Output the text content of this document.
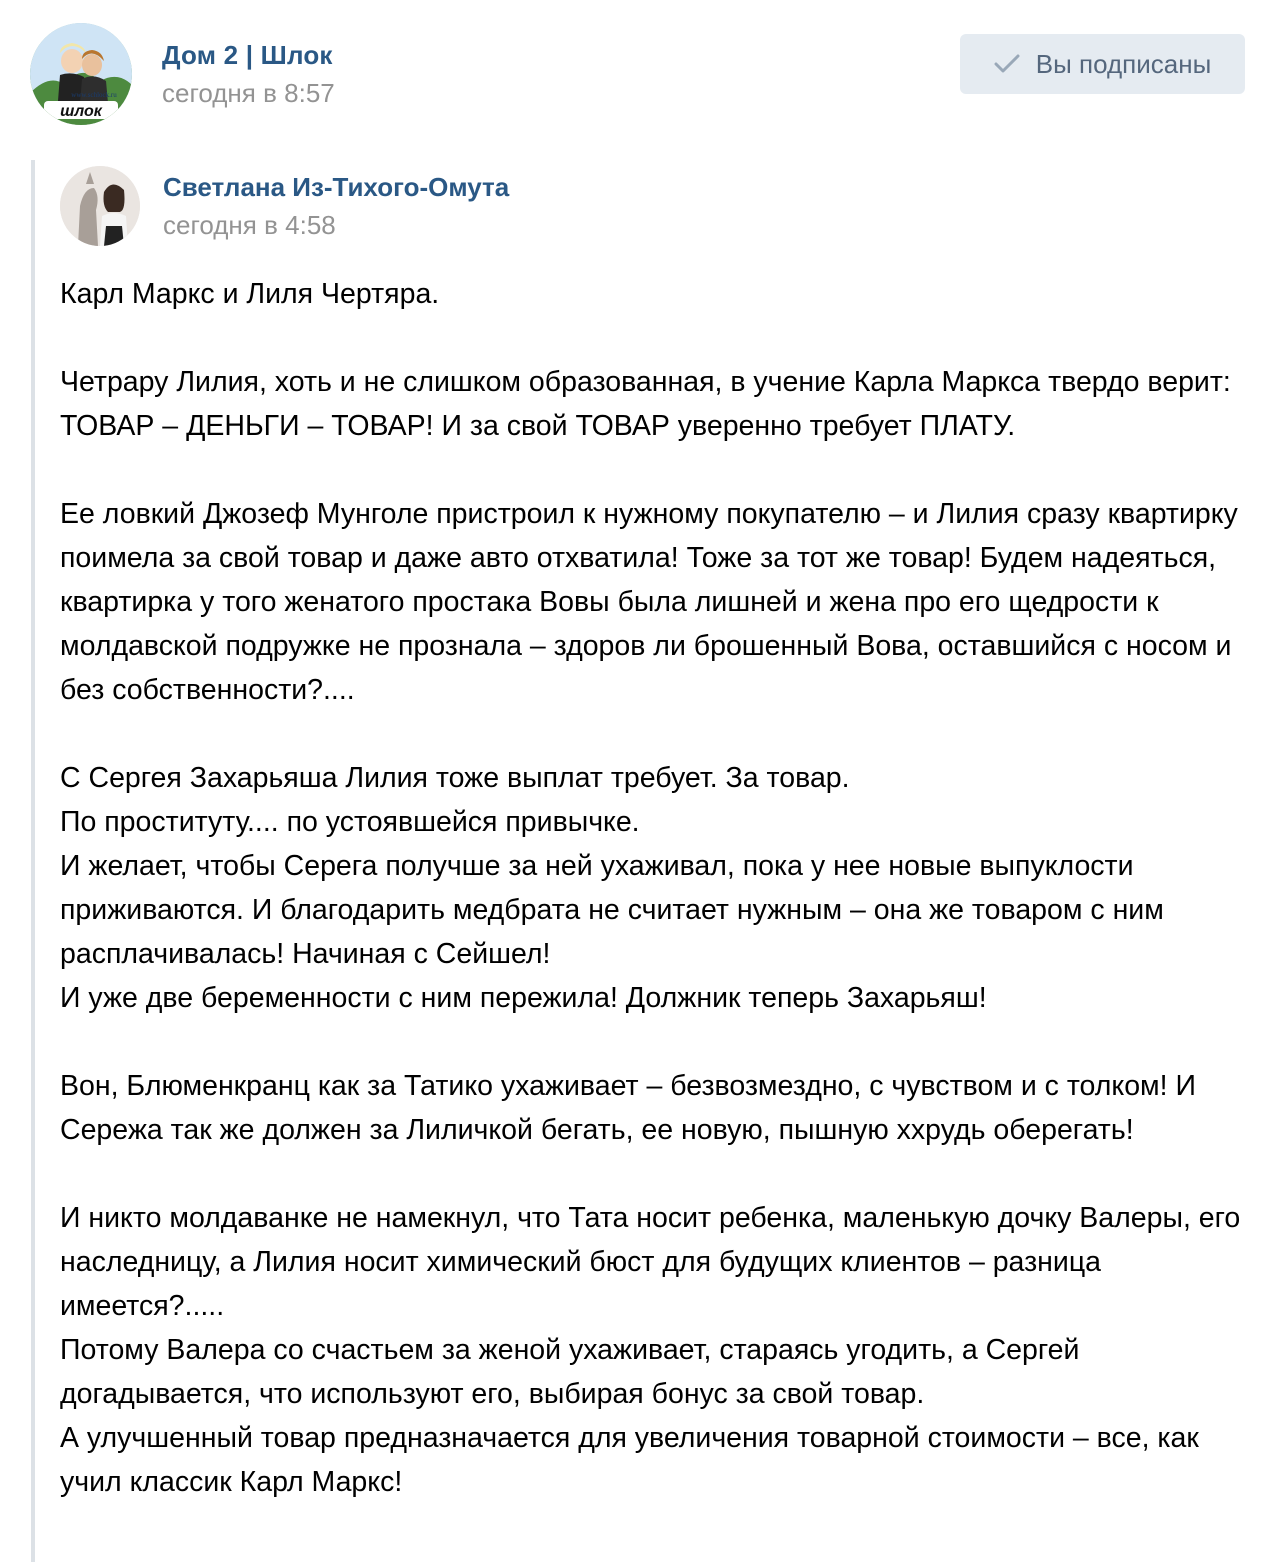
шлок
www.schlock.ru
Дом 2 | Шлок
сегодня в 8:57
Вы подписаны
Светлана Из-Тихого-Омута
сегодня в 4:58

Карл Маркс и Лиля Чертяра.

Четрару Лилия, хоть и не слишком образованная, в учение Карла Маркса твердо верит: ТОВАР – ДЕНЬГИ – ТОВАР! И за свой ТОВАР уверенно требует ПЛАТУ.

Ее ловкий Джозеф Мунголе пристроил к нужному покупателю – и Лилия сразу квартирку поимела за свой товар и даже авто отхватила! Тоже за тот же товар! Будем надеяться, квартирка у того женатого простака Вовы была лишней и жена про его щедрости к молдавской подружке не прознала – здоров ли брошенный Вова, оставшийся с носом и без собственности?....

С Сергея Захарьяша Лилия тоже выплат требует. За товар.

По проституту.... по устоявшейся привычке.

И желает, чтобы Серега получше за ней ухаживал, пока у нее новые выпуклости приживаются. И благодарить медбрата не считает нужным – она же товаром с ним расплачивалась! Начиная с Сейшел!

И уже две беременности с ним пережила! Должник теперь Захарьяш!

Вон, Блюменкранц как за Татико ухаживает – безвозмездно, с чувством и с толком! И Сережа так же должен за Лиличкой бегать, ее новую, пышную ххрудь оберегать!

И никто молдаванке не намекнул, что Тата носит ребенка, маленькую дочку Валеры, его наследницу, а Лилия носит химический бюст для будущих клиентов – разница имеется?.....

Потому Валера со счастьем за женой ухаживает, стараясь угодить, а Сергей догадывается, что используют его, выбирая бонус за свой товар.

А улучшенный товар предназначается для увеличения товарной стоимости – все, как учил классик Карл Маркс!
